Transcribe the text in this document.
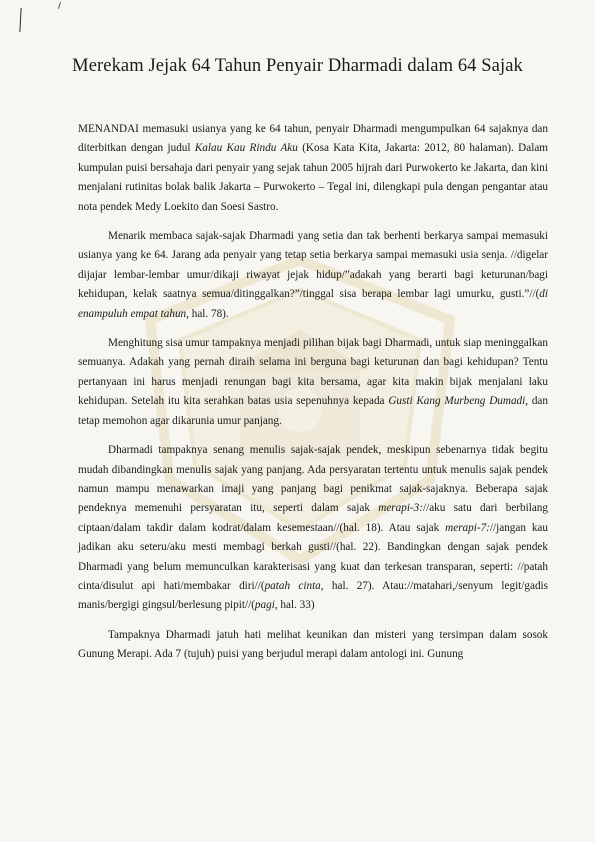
Merekam Jejak 64 Tahun Penyair Dharmadi dalam 64 Sajak

MENANDAI memasuki usianya yang ke 64 tahun, penyair Dharmadi mengumpulkan 64 sajaknya dan diterbitkan dengan judul Kalau Kau Rindu Aku (Kosa Kata Kita, Jakarta: 2012, 80 halaman). Dalam kumpulan puisi bersahaja dari penyair yang sejak tahun 2005 hijrah dari Purwokerto ke Jakarta, dan kini menjalani rutinitas bolak balik Jakarta – Purwokerto – Tegal ini, dilengkapi pula dengan pengantar atau nota pendek Medy Loekito dan Soesi Sastro.

Menarik membaca sajak-sajak Dharmadi yang setia dan tak berhenti berkarya sampai memasuki usianya yang ke 64. Jarang ada penyair yang tetap setia berkarya sampai memasuki usia senja. //digelar dijajar lembar-lembar umur/dikaji riwayat jejak hidup/”adakah yang berarti bagi keturunan/bagi kehidupan, kelak saatnya semua/ditinggalkan?”/tinggal sisa berapa lembar lagi umurku, gusti.”//(di enampuluh empat tahun, hal. 78).

Menghitung sisa umur tampaknya menjadi pilihan bijak bagi Dharmadi, untuk siap meninggalkan semuanya. Adakah yang pernah diraih selama ini berguna bagi keturunan dan bagi kehidupan? Tentu pertanyaan ini harus menjadi renungan bagi kita bersama, agar kita makin bijak menjalani laku kehidupan. Setelah itu kita serahkan batas usia sepenuhnya kepada Gusti Kang Murbeng Dumadi, dan tetap memohon agar dikarunia umur panjang.

Dharmadi tampaknya senang menulis sajak-sajak pendek, meskipun sebenarnya tidak begitu mudah dibandingkan menulis sajak yang panjang. Ada persyaratan tertentu untuk menulis sajak pendek namun mampu menawarkan imaji yang panjang bagi penikmat sajak-sajaknya. Beberapa sajak pendeknya memenuhi persyaratan itu, seperti dalam sajak merapi-3://aku satu dari berbilang ciptaan/dalam takdir dalam kodrat/dalam kesemestaan//(hal. 18). Atau sajak merapi-7://jangan kau jadikan aku seteru/aku mesti membagi berkah gusti//(hal. 22). Bandingkan dengan sajak pendek Dharmadi yang belum memunculkan karakterisasi yang kuat dan terkesan transparan, seperti: //patah cinta/disulut api hati/membakar diri//(patah cinta, hal. 27). Atau://matahari,/senyum legit/gadis manis/bergigi gingsul/berlesung pipit//(pagi, hal. 33)

Tampaknya Dharmadi jatuh hati melihat keunikan dan misteri yang tersimpan dalam sosok Gunung Merapi. Ada 7 (tujuh) puisi yang berjudul merapi dalam antologi ini. Gunung
